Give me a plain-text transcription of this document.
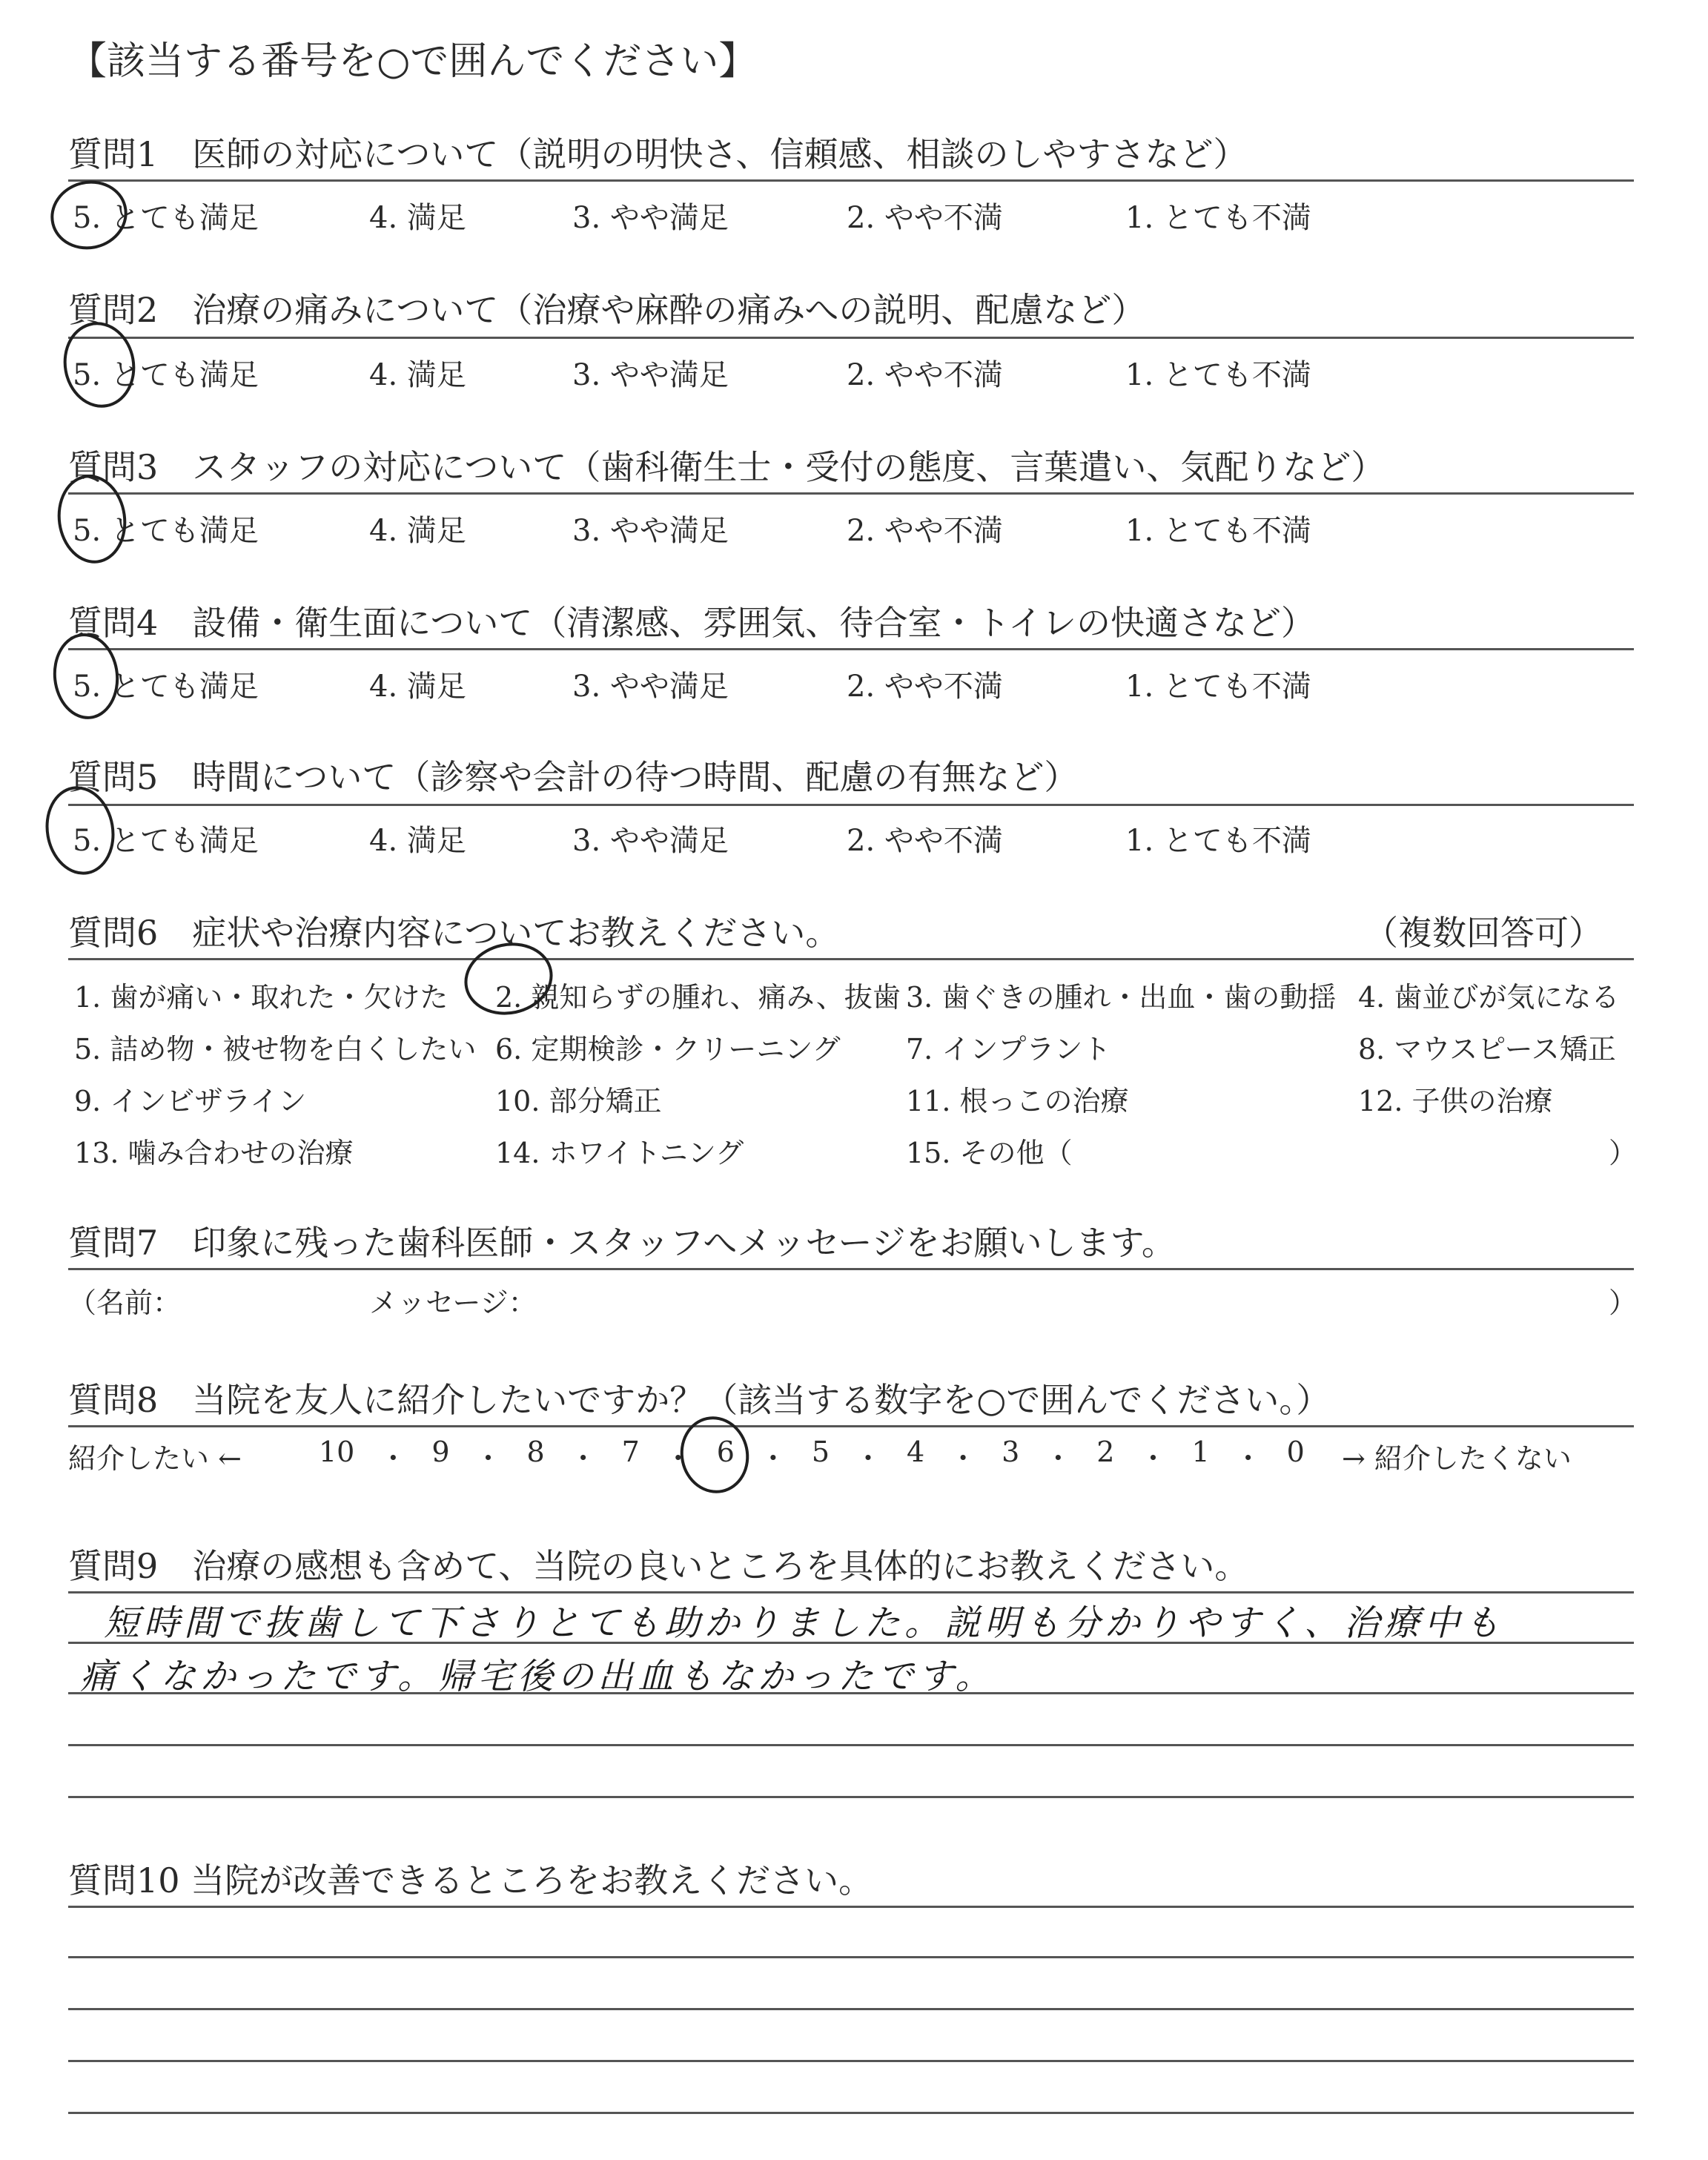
【該当する番号を○で囲んでください】
質問1　医師の対応について（説明の明快さ、信頼感、相談のしやすさなど）
5. とても満足	4. 満足	3. やや満足	2. やや不満	1. とても不満
質問2　治療の痛みについて（治療や麻酔の痛みへの説明、配慮など）
5. とても満足	4. 満足	3. やや満足	2. やや不満	1. とても不満
質問3　スタッフの対応について（歯科衛生士・受付の態度、言葉遣い、気配りなど）
5. とても満足	4. 満足	3. やや満足	2. やや不満	1. とても不満
質問4　設備・衛生面について（清潔感、雰囲気、待合室・トイレの快適さなど）
5. とても満足	4. 満足	3. やや満足	2. やや不満	1. とても不満
質問5　時間について（診察や会計の待つ時間、配慮の有無など）
5. とても満足	4. 満足	3. やや満足	2. やや不満	1. とても不満
質問6　症状や治療内容についてお教えください。	（複数回答可）
1. 歯が痛い・取れた・欠けた 2. 親知らずの腫れ、痛み、抜歯 3. 歯ぐきの腫れ・出血・歯の動揺 4. 歯並びが気になる
5. 詰め物・被せ物を白くしたい 6. 定期検診・クリーニング 7. インプラント	8. マウスピース矯正
9. インビザライン	10. 部分矯正	11. 根っこの治療	12. 子供の治療
13. 噛み合わせの治療	14. ホワイトニング	15. その他（	）
質問7　印象に残った歯科医師・スタッフへメッセージをお願いします。
（名前：	メッセージ：	）
質問8　当院を友人に紹介したいですか？（該当する数字を○で囲んでください。）
紹介したい ←	10 ・ 9 ・ 8 ・ 7 ・ 6 ・ 5 ・ 4 ・ 3 ・ 2 ・ 1 ・ 0 → 紹介したくない
質問9　治療の感想も含めて、当院の良いところを具体的にお教えください。
短時間で抜歯して下さりとても助かりました。説明も分かりやすく、治療中も
痛くなかったです。帰宅後の出血もなかったです。
質問10 当院が改善できるところをお教えください。
